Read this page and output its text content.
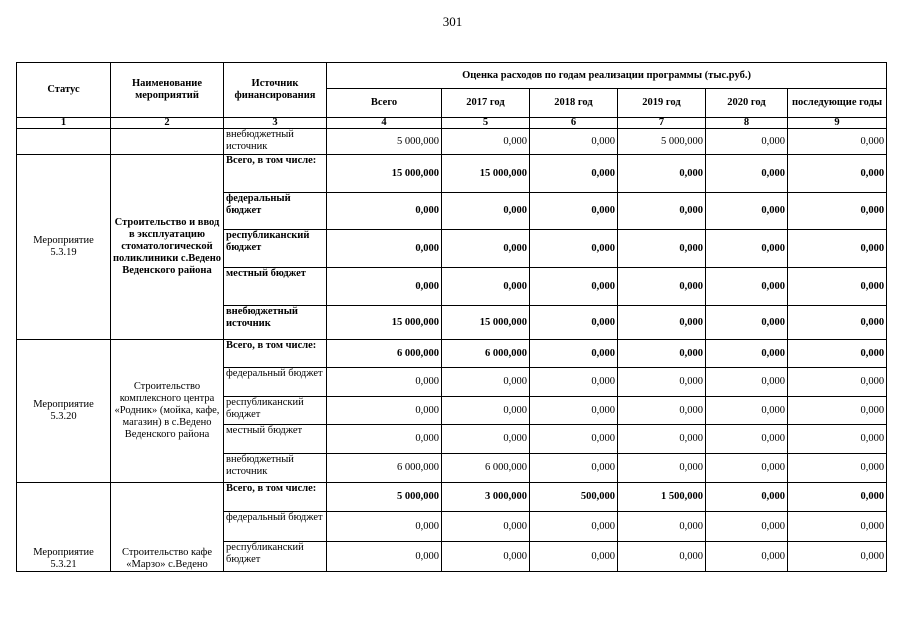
301
Статус	Наименование мероприятий	Источник финансирования	Оценка расходов по годам реализации программы (тыс.руб.)					
			Всего	2017 год	2018 год	2019 год	2020 год	последующие годы
1	2	3	4	5	6	7	8	9
		внебюджетный источник	5 000,000	0,000	0,000	5 000,000	0,000	0,000
Мероприятие 5.3.19	Строительство и ввод в эксплуатацию стоматологической поликлиники с.Ведено Веденского района	Всего, в том числе:	15 000,000	15 000,000	0,000	0,000	0,000	0,000
		федеральный бюджет	0,000	0,000	0,000	0,000	0,000	0,000
		республиканский бюджет	0,000	0,000	0,000	0,000	0,000	0,000
		местный бюджет	0,000	0,000	0,000	0,000	0,000	0,000
		внебюджетный источник	15 000,000	15 000,000	0,000	0,000	0,000	0,000
Мероприятие 5.3.20	Строительство комплексного центра «Родник» (мойка, кафе, магазин) в с.Ведено Веденского района	Всего, в том числе:	6 000,000	6 000,000	0,000	0,000	0,000	0,000
		федеральный бюджет	0,000	0,000	0,000	0,000	0,000	0,000
		республиканский бюджет	0,000	0,000	0,000	0,000	0,000	0,000
		местный бюджет	0,000	0,000	0,000	0,000	0,000	0,000
		внебюджетный источник	6 000,000	6 000,000	0,000	0,000	0,000	0,000
Мероприятие 5.3.21	Строительство кафе «Марзо» с.Ведено	Всего, в том числе:	5 000,000	3 000,000	500,000	1 500,000	0,000	0,000
		федеральный бюджет	0,000	0,000	0,000	0,000	0,000	0,000
		республиканский бюджет	0,000	0,000	0,000	0,000	0,000	0,000
